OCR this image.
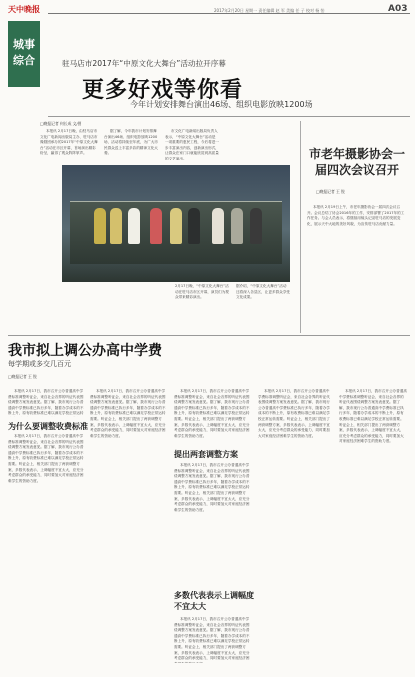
天中晚报	2017年2月20日 星期一 责任编辑 赵 军 美编 任 子 校对 杨 怡	A03
城事
综合	驻马店市2017年“中原文化大舞台”活动拉开序幕
更多好戏等你看
今年计划安排舞台演出46场、组织电影放映1200场
□晚报记者 何长成 文/图

本报讯 2月17日晚，由驻马店市文化广电新闻出版局主办、驻马店市豫剧团承办的2017年“中原文化大舞台”活动在市区开幕，首场演出精彩纷呈，赢得了观众阵阵掌声。

据了解，今年我市计划安排舞台演出46场、组织电影放映1200场，活动将持续至年底，为广大市民群众送上丰富多彩的精神文化大餐。

市文化广电新闻出版局负责人表示，“中原文化大舞台”活动是一项重要的惠民工程，今后将进一步丰富演出内容，创新演出形式，让群众在家门口就能欣赏到高质量的文艺演出。

2月17日晚，“中原文化大舞台”活动在驻马店市区开幕，演员们为观众带来精彩演出。
据介绍，“中原文化大舞台”活动还将深入各县区，让更多群众享受文化成果。
市老年摄影协会一届四次会议召开
□晚报记者 王 锐
本报讯 2月19日上午，市老年摄影协会一届四次会议召开。会议总结了协会2016年的工作，安排部署了2017年的工作任务。与会人员表示，将继续用镜头记录驻马店的发展变化，展示天中大地的美好风貌，为宣传驻马店贡献力量。
我市拟上调公办高中学费
每学期或多交几百元
□晚报记者 王 锐
本报讯 2月17日，我市召开公办普通高中学费标准调整听证会，来自社会各界的听证代表围绕调整方案发表意见。据了解，我市现行公办普通高中学费标准已执行多年，随着办学成本的不断上升，原有收费标准已难以满足学校正常运转
为什么要调整收费标准
本报讯 2月17日，我市召开公办普通高中学费标准调整听证会，来自社会各界的听证代表围绕调整方案发表意见。据了解，我市现行公办普通高中学费标准已执行多年，随着办学成本的不断上升，原有收费标准已难以满足学校正常运转需要。听证会上，相关部门提出了两套调整方案，多数代表表示，上调幅度不宜太大，应充分考虑群众的承受能力，同时要加大对家庭经济困难学生的资助力度。
本报讯 2月17日，我市召开公办普通高中学费标准调整听证会，来自社会各界的听证代表围绕调整方案发表意见。据了解，我市现行公办普通高中学费标准已执行多年，随着办学成本的不断上升，原有收费标准已难以满足学校正常运转需要。听证会上，相关部门提出了两套调整方案，多数代表表示，上调幅度不宜太大，应充分考虑群众的承受能力，同时要加大对家庭经济困难学生的资助力度。
本报讯 2月17日，我市召开公办普通高中学费标准调整听证会，来自社会各界的听证代表围绕调整方案发表意见。据了解，我市现行公办普通高中学费标准已执行多年，随着办学成本的不断上升，原有收费标准已难以满足学校正常运转需要。听证会上，相关部门提出了两套调整方案，多数代表表示，上调幅度不宜太大，应充分考虑群众的承受能力，同时要加大对家庭经济困难学生的资助力度。
提出两套调整方案
本报讯 2月17日，我市召开公办普通高中学费标准调整听证会，来自社会各界的听证代表围绕调整方案发表意见。据了解，我市现行公办普通高中学费标准已执行多年，随着办学成本的不断上升，原有收费标准已难以满足学校正常运转需要。听证会上，相关部门提出了两套调整方案，多数代表表示，上调幅度不宜太大，应充分考虑群众的承受能力，同时要加大对家庭经济困难学生的资助力度。
多数代表表示上调幅度不宜太大
本报讯 2月17日，我市召开公办普通高中学费标准调整听证会，来自社会各界的听证代表围绕调整方案发表意见。据了解，我市现行公办普通高中学费标准已执行多年，随着办学成本的不断上升，原有收费标准已难以满足学校正常运转需要。听证会上，相关部门提出了两套调整方案，多数代表表示，上调幅度不宜太大，应充分考虑群众的承受能力，同时要加大对家庭经济困
本报讯 2月17日，我市召开公办普通高中学费标准调整听证会，来自社会各界的听证代表围绕调整方案发表意见。据了解，我市现行公办普通高中学费标准已执行多年，随着办学成本的不断上升，原有收费标准已难以满足学校正常运转需要。听证会上，相关部门提出了两套调整方案，多数代表表示，上调幅度不宜太大，应充分考虑群众的承受能力，同时要加大对家庭经济困难学生的资助力度。
本报讯 2月17日，我市召开公办普通高中学费标准调整听证会，来自社会各界的听证代表围绕调整方案发表意见。据了解，我市现行公办普通高中学费标准已执行多年，随着办学成本的不断上升，原有收费标准已难以满足学校正常运转需要。听证会上，相关部门提出了两套调整方案，多数代表表示，上调幅度不宜太大，应充分考虑群众的承受能力，同时要加大对家庭经济困难学生的资助力度。
